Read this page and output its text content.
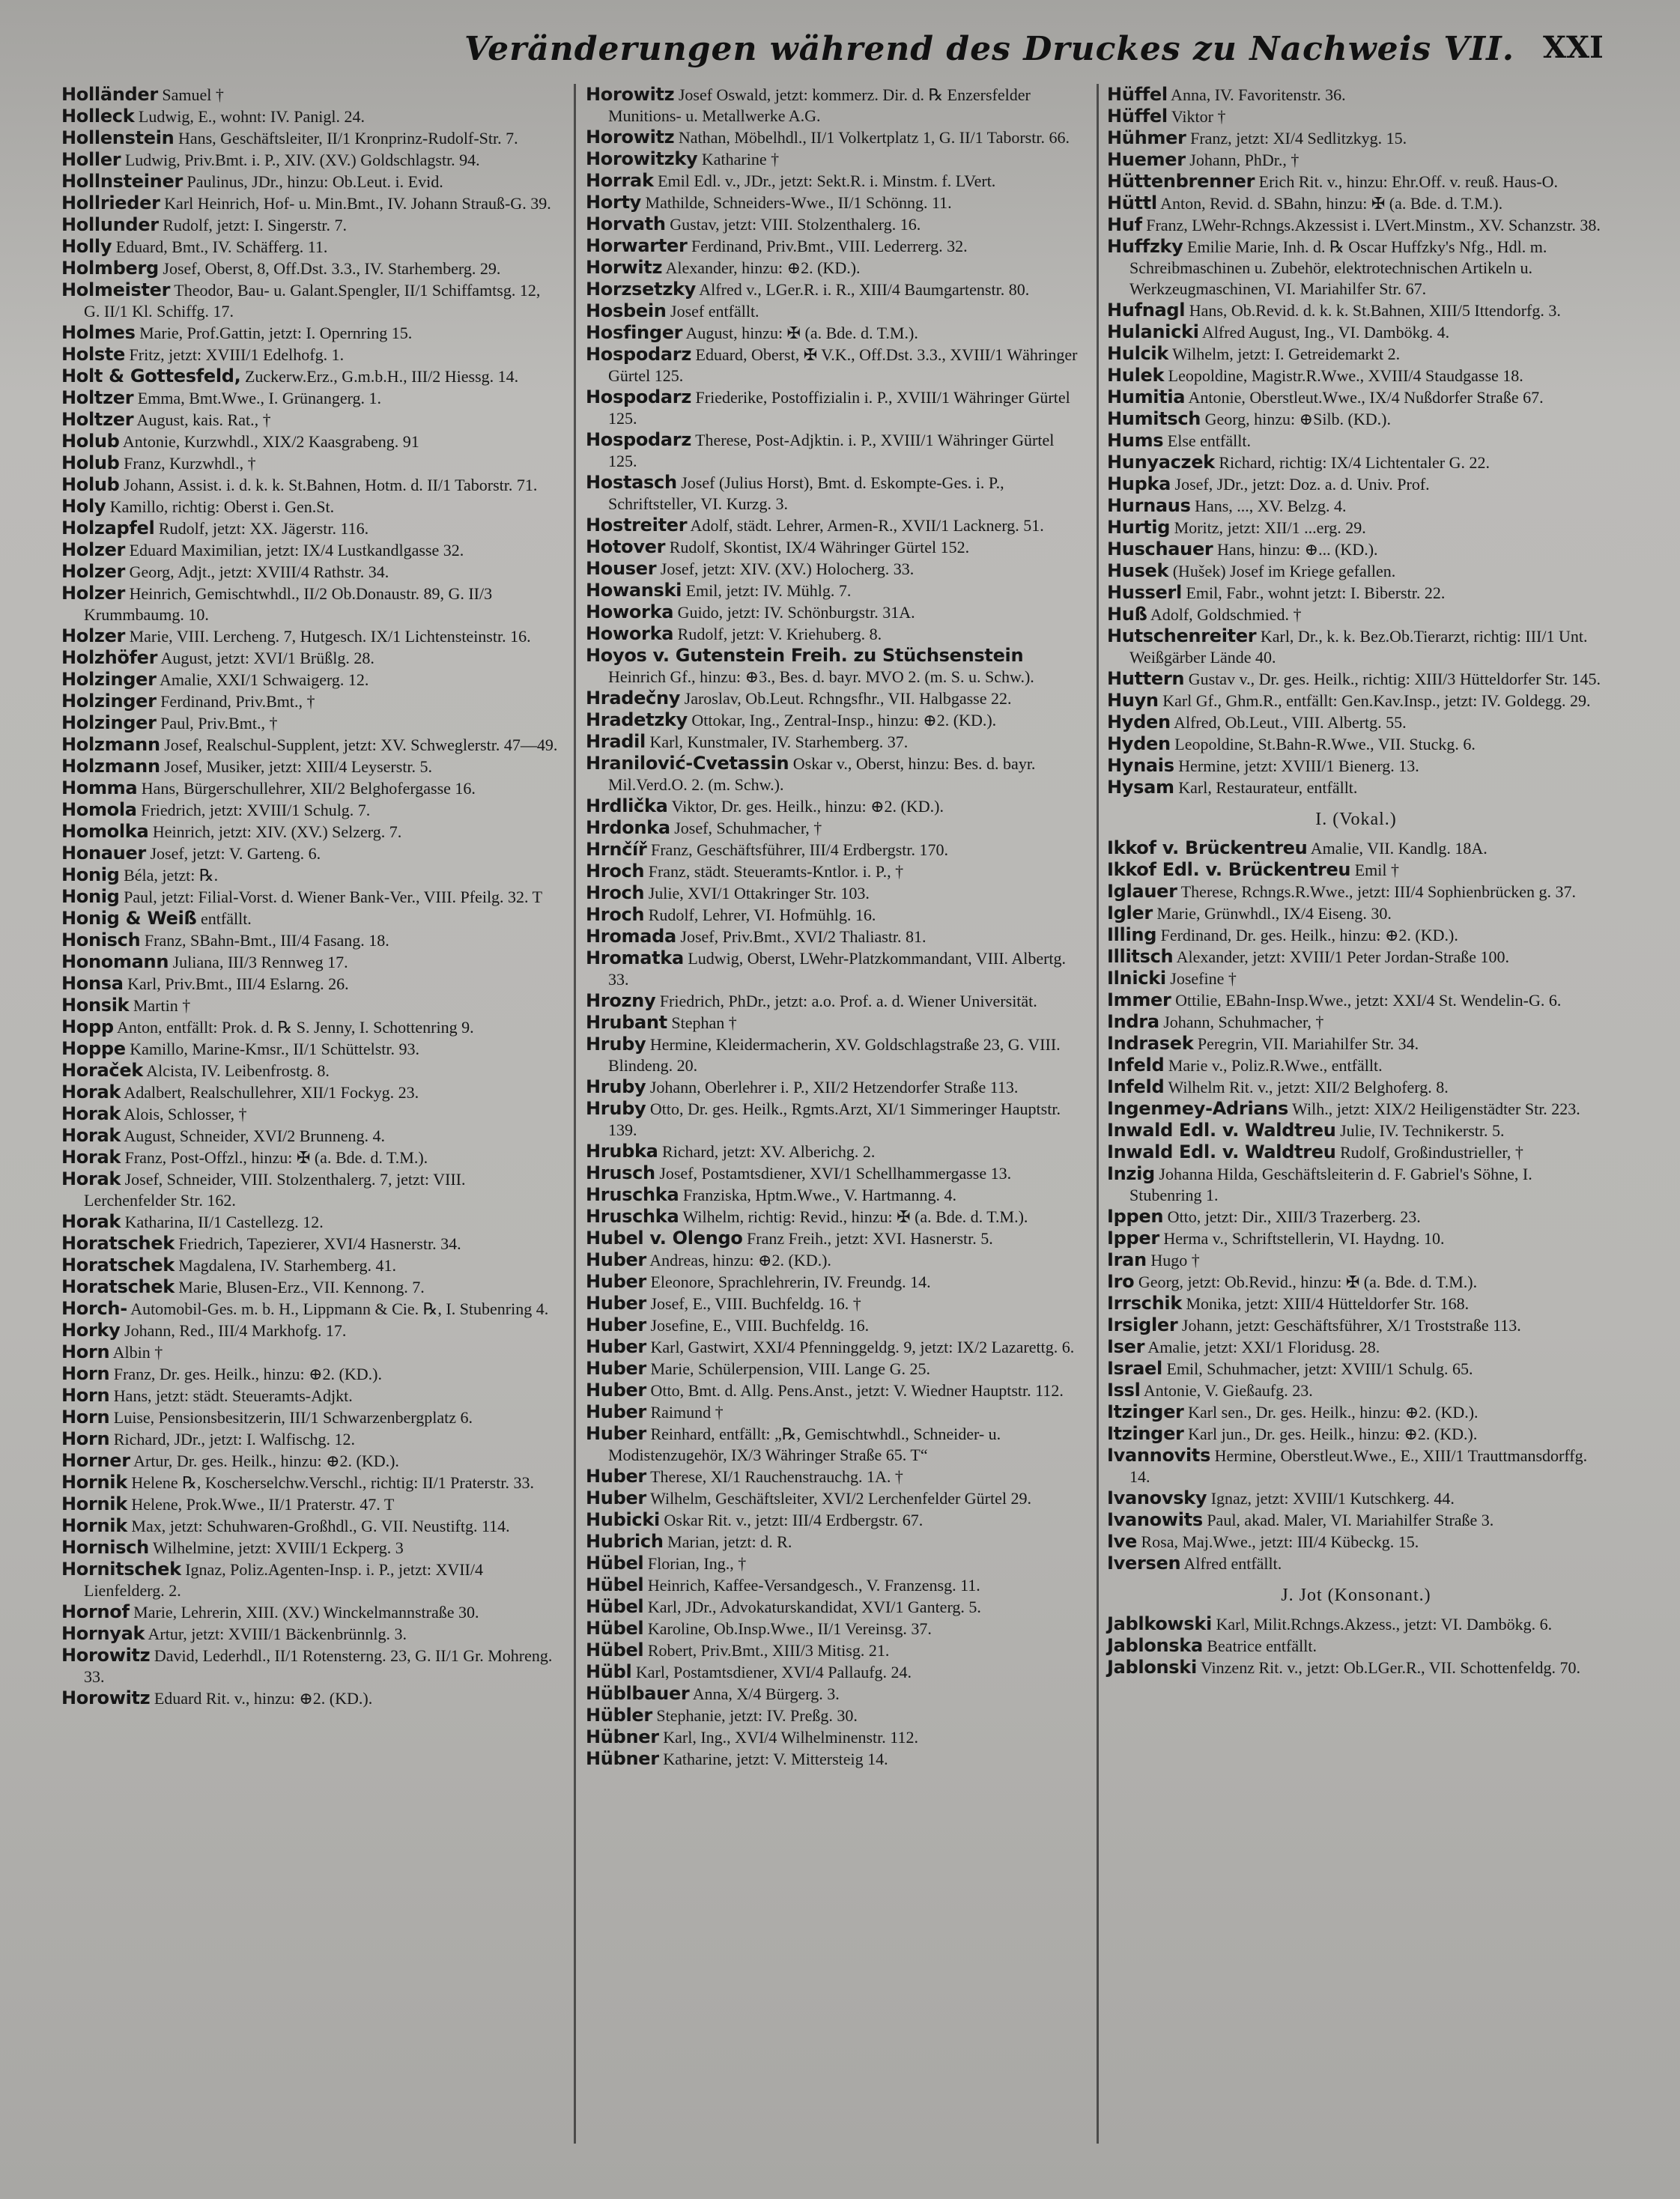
Veränderungen während des Druckes zu Nachweis VII. XXI
Holländer Samuel †
Holleck Ludwig, E., wohnt: IV. Panigl. 24.
Hollenstein Hans, Geschäftsleiter, II/1 Kronprinz-Rudolf-Str. 7.
Holler Ludwig, Priv.Bmt. i. P., XIV. (XV.) Goldschlagstr. 94.
Hollnsteiner Paulinus, JDr., hinzu: Ob.Leut. i. Evid.
Hollrieder Karl Heinrich, Hof- u. Min.Bmt., IV. Johann Strauß-G. 39.
Hollunder Rudolf, jetzt: I. Singerstr. 7.
Holly Eduard, Bmt., IV. Schäfferg. 11.
Holmberg Josef, Oberst, 8, Off.Dst. 3.3., IV. Starhemberg. 29.
Holmeister Theodor, Bau- u. Galant.Spengler, II/1 Schiffamtsg. 12, G. II/1 Kl. Schiffg. 17.
Holmes Marie, Prof.Gattin, jetzt: I. Opernring 15.
Holste Fritz, jetzt: XVIII/1 Edelhofg. 1.
Holt & Gottesfeld, Zuckerw.Erz., G.m.b.H., III/2 Hiessg. 14.
Holtzer Emma, Bmt.Wwe., I. Grünangerg. 1.
Holtzer August, kais. Rat., †
Holub Antonie, Kurzwhdl., XIX/2 Kaasgrabeng. 91
Holub Franz, Kurzwhdl., †
Holub Johann, Assist. i. d. k. k. St.Bahnen, Hotm. d. II/1 Taborstr. 71.
Holy Kamillo, richtig: Oberst i. Gen.St.
Holzapfel Rudolf, jetzt: XX. Jägerstr. 116.
Holzer Eduard Maximilian, jetzt: IX/4 Lustkandlgasse 32.
Holzer Georg, Adjt., jetzt: XVIII/4 Rathstr. 34.
Holzer Heinrich, Gemischtwhdl., II/2 Ob.Donaustr. 89, G. II/3 Krummbaumg. 10.
Holzer Marie, VIII. Lercheng. 7, Hutgesch. IX/1 Lichtensteinstr. 16.
Holzhöfer August, jetzt: XVI/1 Brüßlg. 28.
Holzinger Amalie, XXI/1 Schwaigerg. 12.
Holzinger Ferdinand, Priv.Bmt., †
Holzinger Paul, Priv.Bmt., †
Holzmann Josef, Realschul-Supplent, jetzt: XV. Schweglerstr. 47—49.
Holzmann Josef, Musiker, jetzt: XIII/4 Leyserstr. 5.
Homma Hans, Bürgerschullehrer, XII/2 Belghofergasse 16.
Homola Friedrich, jetzt: XVIII/1 Schulg. 7.
Homolka Heinrich, jetzt: XIV. (XV.) Selzerg. 7.
Honauer Josef, jetzt: V. Garteng. 6.
Honig Béla, jetzt: ℞.
Honig Paul, jetzt: Filial-Vorst. d. Wiener Bank-Ver., VIII. Pfeilg. 32. T
Honig & Weiß entfällt.
Honisch Franz, SBahn-Bmt., III/4 Fasang. 18.
Honomann Juliana, III/3 Rennweg 17.
Honsa Karl, Priv.Bmt., III/4 Eslarng. 26.
Honsik Martin †
Hopp Anton, entfällt: Prok. d. ℞ S. Jenny, I. Schottenring 9.
Hoppe Kamillo, Marine-Kmsr., II/1 Schüttelstr. 93.
Horaček Alcista, IV. Leibenfrostg. 8.
Horak Adalbert, Realschullehrer, XII/1 Fockyg. 23.
Horak Alois, Schlosser, †
Horak August, Schneider, XVI/2 Brunneng. 4.
Horak Franz, Post-Offzl., hinzu: ✠ (a. Bde. d. T.M.).
Horak Josef, Schneider, VIII. Stolzenthalerg. 7, jetzt: VIII. Lerchenfelder Str. 162.
Horak Katharina, II/1 Castellezg. 12.
Horatschek Friedrich, Tapezierer, XVI/4 Hasnerstr. 34.
Horatschek Magdalena, IV. Starhemberg. 41.
Horatschek Marie, Blusen-Erz., VII. Kennong. 7.
Horch- Automobil-Ges. m. b. H., Lippmann & Cie. ℞, I. Stubenring 4.
Horky Johann, Red., III/4 Markhofg. 17.
Horn Albin †
Horn Franz, Dr. ges. Heilk., hinzu: ⊕2. (KD.).
Horn Hans, jetzt: städt. Steueramts-Adjkt.
Horn Luise, Pensionsbesitzerin, III/1 Schwarzenbergplatz 6.
Horn Richard, JDr., jetzt: I. Walfischg. 12.
Horner Artur, Dr. ges. Heilk., hinzu: ⊕2. (KD.).
Hornik Helene ℞, Koscherselchw.Verschl., richtig: II/1 Praterstr. 33.
Hornik Helene, Prok.Wwe., II/1 Praterstr. 47. T
Hornik Max, jetzt: Schuhwaren-Großhdl., G. VII. Neustiftg. 114.
Hornisch Wilhelmine, jetzt: XVIII/1 Eckperg. 3
Hornitschek Ignaz, Poliz.Agenten-Insp. i. P., jetzt: XVII/4 Lienfelderg. 2.
Hornof Marie, Lehrerin, XIII. (XV.) Winckelmannstraße 30.
Hornyak Artur, jetzt: XVIII/1 Bäckenbrünnlg. 3.
Horowitz David, Lederhdl., II/1 Rotensterng. 23, G. II/1 Gr. Mohreng. 33.
Horowitz Eduard Rit. v., hinzu: ⊕2. (KD.).
Horowitz Josef Oswald, jetzt: kommerz. Dir. d. ℞ Enzersfelder Munitions- u. Metallwerke A.G.
Horowitz Nathan, Möbelhdl., II/1 Volkertplatz 1, G. II/1 Taborstr. 66.
Horowitzky Katharine †
Horrak Emil Edl. v., JDr., jetzt: Sekt.R. i. Minstm. f. LVert.
Horty Mathilde, Schneiders-Wwe., II/1 Schönng. 11.
Horvath Gustav, jetzt: VIII. Stolzenthalerg. 16.
Horwarter Ferdinand, Priv.Bmt., VIII. Lederrerg. 32.
Horwitz Alexander, hinzu: ⊕2. (KD.).
Horzsetzky Alfred v., LGer.R. i. R., XIII/4 Baumgartenstr. 80.
Hosbein Josef entfällt.
Hosfinger August, hinzu: ✠ (a. Bde. d. T.M.).
Hospodarz Eduard, Oberst, ✠ V.K., Off.Dst. 3.3., XVIII/1 Währinger Gürtel 125.
Hospodarz Friederike, Postoffizialin i. P., XVIII/1 Währinger Gürtel 125.
Hospodarz Therese, Post-Adjktin. i. P., XVIII/1 Währinger Gürtel 125.
Hostasch Josef (Julius Horst), Bmt. d. Eskompte-Ges. i. P., Schriftsteller, VI. Kurzg. 3.
Hostreiter Adolf, städt. Lehrer, Armen-R., XVII/1 Lacknerg. 51.
Hotover Rudolf, Skontist, IX/4 Währinger Gürtel 152.
Houser Josef, jetzt: XIV. (XV.) Holocherg. 33.
Howanski Emil, jetzt: IV. Mühlg. 7.
Howorka Guido, jetzt: IV. Schönburgstr. 31A.
Howorka Rudolf, jetzt: V. Kriehuberg. 8.
Hoyos v. Gutenstein Freih. zu Stüchsenstein Heinrich Gf., hinzu: ⊕3., Bes. d. bayr. MVO 2. (m. S. u. Schw.).
Hradečny Jaroslav, Ob.Leut. Rchngsfhr., VII. Halbgasse 22.
Hradetzky Ottokar, Ing., Zentral-Insp., hinzu: ⊕2. (KD.).
Hradil Karl, Kunstmaler, IV. Starhemberg. 37.
Hranilović-Cvetassin Oskar v., Oberst, hinzu: Bes. d. bayr. Mil.Verd.O. 2. (m. Schw.).
Hrdlička Viktor, Dr. ges. Heilk., hinzu: ⊕2. (KD.).
Hrdonka Josef, Schuhmacher, †
Hrnčíř Franz, Geschäftsführer, III/4 Erdbergstr. 170.
Hroch Franz, städt. Steueramts-Kntlor. i. P., †
Hroch Julie, XVI/1 Ottakringer Str. 103.
Hroch Rudolf, Lehrer, VI. Hofmühlg. 16.
Hromada Josef, Priv.Bmt., XVI/2 Thaliastr. 81.
Hromatka Ludwig, Oberst, LWehr-Platzkommandant, VIII. Albertg. 33.
Hrozny Friedrich, PhDr., jetzt: a.o. Prof. a. d. Wiener Universität.
Hrubant Stephan †
Hruby Hermine, Kleidermacherin, XV. Goldschlagstraße 23, G. VIII. Blindeng. 20.
Hruby Johann, Oberlehrer i. P., XII/2 Hetzendorfer Straße 113.
Hruby Otto, Dr. ges. Heilk., Rgmts.Arzt, XI/1 Simmeringer Hauptstr. 139.
Hrubka Richard, jetzt: XV. Alberichg. 2.
Hrusch Josef, Postamtsdiener, XVI/1 Schellhammergasse 13.
Hruschka Franziska, Hptm.Wwe., V. Hartmanng. 4.
Hruschka Wilhelm, richtig: Revid., hinzu: ✠ (a. Bde. d. T.M.).
Hubel v. Olengo Franz Freih., jetzt: XVI. Hasnerstr. 5.
Huber Andreas, hinzu: ⊕2. (KD.).
Huber Eleonore, Sprachlehrerin, IV. Freundg. 14.
Huber Josef, E., VIII. Buchfeldg. 16. †
Huber Josefine, E., VIII. Buchfeldg. 16.
Huber Karl, Gastwirt, XXI/4 Pfenninggeldg. 9, jetzt: IX/2 Lazarettg. 6.
Huber Marie, Schülerpension, VIII. Lange G. 25.
Huber Otto, Bmt. d. Allg. Pens.Anst., jetzt: V. Wiedner Hauptstr. 112.
Huber Raimund †
Huber Reinhard, entfällt: „℞, Gemischtwhdl., Schneider- u. Modistenzugehör, IX/3 Währinger Straße 65. T“
Huber Therese, XI/1 Rauchenstrauchg. 1A. †
Huber Wilhelm, Geschäftsleiter, XVI/2 Lerchenfelder Gürtel 29.
Hubicki Oskar Rit. v., jetzt: III/4 Erdbergstr. 67.
Hubrich Marian, jetzt: d. R.
Hübel Florian, Ing., †
Hübel Heinrich, Kaffee-Versandgesch., V. Franzensg. 11.
Hübel Karl, JDr., Advokaturskandidat, XVI/1 Ganterg. 5.
Hübel Karoline, Ob.Insp.Wwe., II/1 Vereinsg. 37.
Hübel Robert, Priv.Bmt., XIII/3 Mitisg. 21.
Hübl Karl, Postamtsdiener, XVI/4 Pallaufg. 24.
Hüblbauer Anna, X/4 Bürgerg. 3.
Hübler Stephanie, jetzt: IV. Preßg. 30.
Hübner Karl, Ing., XVI/4 Wilhelminenstr. 112.
Hübner Katharine, jetzt: V. Mittersteig 14.
Hüffel Anna, IV. Favoritenstr. 36.
Hüffel Viktor †
Hühmer Franz, jetzt: XI/4 Sedlitzkyg. 15.
Huemer Johann, PhDr., †
Hüttenbrenner Erich Rit. v., hinzu: Ehr.Off. v. reuß. Haus-O.
Hüttl Anton, Revid. d. SBahn, hinzu: ✠ (a. Bde. d. T.M.).
Huf Franz, LWehr-Rchngs.Akzessist i. LVert.Minstm., XV. Schanzstr. 38.
Huffzky Emilie Marie, Inh. d. ℞ Oscar Huffzky's Nfg., Hdl. m. Schreibmaschinen u. Zubehör, elektrotechnischen Artikeln u. Werkzeugmaschinen, VI. Mariahilfer Str. 67.
Hufnagl Hans, Ob.Revid. d. k. k. St.Bahnen, XIII/5 Ittendorfg. 3.
Hulanicki Alfred August, Ing., VI. Dambökg. 4.
Hulcik Wilhelm, jetzt: I. Getreidemarkt 2.
Hulek Leopoldine, Magistr.R.Wwe., XVIII/4 Staudgasse 18.
Humitia Antonie, Oberstleut.Wwe., IX/4 Nußdorfer Straße 67.
Humitsch Georg, hinzu: ⊕Silb. (KD.).
Hums Else entfällt.
Hunyaczek Richard, richtig: IX/4 Lichtentaler G. 22.
Hupka Josef, JDr., jetzt: Doz. a. d. Univ. Prof.
Hurnaus Hans, ..., XV. Belzg. 4.
Hurtig Moritz, jetzt: XII/1 ...erg. 29.
Huschauer Hans, hinzu: ⊕... (KD.).
Husek (Hušek) Josef im Kriege gefallen.
Husserl Emil, Fabr., wohnt jetzt: I. Biberstr. 22.
Huß Adolf, Goldschmied. †
Hutschenreiter Karl, Dr., k. k. Bez.Ob.Tierarzt, richtig: III/1 Unt. Weißgärber Lände 40.
Huttern Gustav v., Dr. ges. Heilk., richtig: XIII/3 Hütteldorfer Str. 145.
Huyn Karl Gf., Ghm.R., entfällt: Gen.Kav.Insp., jetzt: IV. Goldegg. 29.
Hyden Alfred, Ob.Leut., VIII. Albertg. 55.
Hyden Leopoldine, St.Bahn-R.Wwe., VII. Stuckg. 6.
Hynais Hermine, jetzt: XVIII/1 Bienerg. 13.
Hysam Karl, Restaurateur, entfällt.
I. (Vokal.)
Ikkof v. Brückentreu Amalie, VII. Kandlg. 18A.
Ikkof Edl. v. Brückentreu Emil †
Iglauer Therese, Rchngs.R.Wwe., jetzt: III/4 Sophienbrücken g. 37.
Igler Marie, Grünwhdl., IX/4 Eiseng. 30.
Illing Ferdinand, Dr. ges. Heilk., hinzu: ⊕2. (KD.).
Illitsch Alexander, jetzt: XVIII/1 Peter Jordan-Straße 100.
Ilnicki Josefine †
Immer Ottilie, EBahn-Insp.Wwe., jetzt: XXI/4 St. Wendelin-G. 6.
Indra Johann, Schuhmacher, †
Indrasek Peregrin, VII. Mariahilfer Str. 34.
Infeld Marie v., Poliz.R.Wwe., entfällt.
Infeld Wilhelm Rit. v., jetzt: XII/2 Belghoferg. 8.
Ingenmey-Adrians Wilh., jetzt: XIX/2 Heiligenstädter Str. 223.
Inwald Edl. v. Waldtreu Julie, IV. Technikerstr. 5.
Inwald Edl. v. Waldtreu Rudolf, Großindustrieller, †
Inzig Johanna Hilda, Geschäftsleiterin d. F. Gabriel's Söhne, I. Stubenring 1.
Ippen Otto, jetzt: Dir., XIII/3 Trazerberg. 23.
Ipper Herma v., Schriftstellerin, VI. Haydng. 10.
Iran Hugo †
Iro Georg, jetzt: Ob.Revid., hinzu: ✠ (a. Bde. d. T.M.).
Irrschik Monika, jetzt: XIII/4 Hütteldorfer Str. 168.
Irsigler Johann, jetzt: Geschäftsführer, X/1 Troststraße 113.
Iser Amalie, jetzt: XXI/1 Floridusg. 28.
Israel Emil, Schuhmacher, jetzt: XVIII/1 Schulg. 65.
Issl Antonie, V. Gießaufg. 23.
Itzinger Karl sen., Dr. ges. Heilk., hinzu: ⊕2. (KD.).
Itzinger Karl jun., Dr. ges. Heilk., hinzu: ⊕2. (KD.).
Ivannovits Hermine, Oberstleut.Wwe., E., XIII/1 Trauttmansdorffg. 14.
Ivanovsky Ignaz, jetzt: XVIII/1 Kutschkerg. 44.
Ivanowits Paul, akad. Maler, VI. Mariahilfer Straße 3.
Ive Rosa, Maj.Wwe., jetzt: III/4 Kübeckg. 15.
Iversen Alfred entfällt.
J. Jot (Konsonant.)
Jablkowski Karl, Milit.Rchngs.Akzess., jetzt: VI. Dambökg. 6.
Jablonska Beatrice entfällt.
Jablonski Vinzenz Rit. v., jetzt: Ob.LGer.R., VII. Schottenfeldg. 70.
